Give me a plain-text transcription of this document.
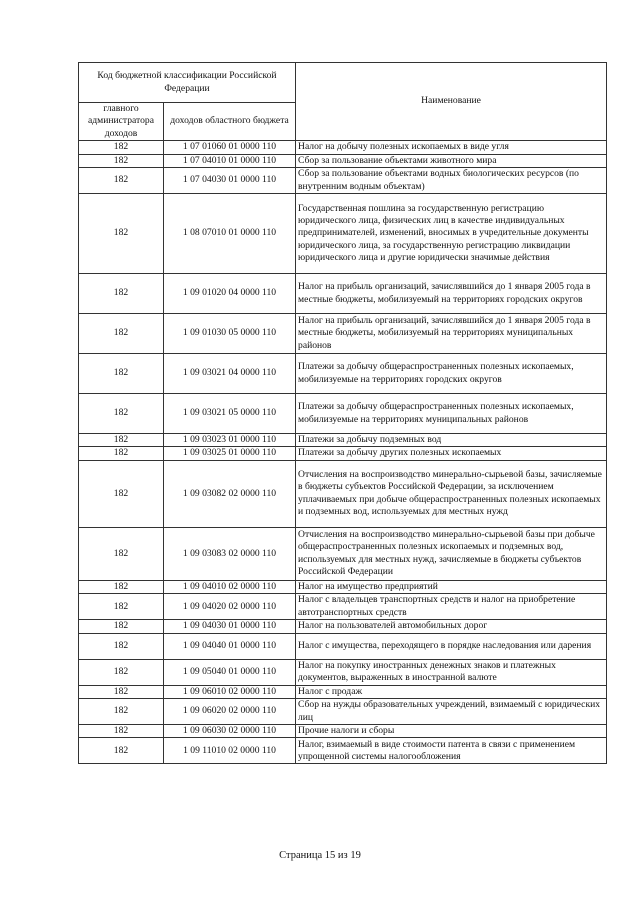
Код бюджетной классификации Российской Федерации		Наименование
главного администратора доходов	доходов областного бюджета	
182	1 07 01060 01 0000 110	Налог на добычу полезных ископаемых в виде угля
182	1 07 04010 01 0000 110	Сбор за пользование объектами животного мира
182	1 07 04030 01 0000 110	Сбор за пользование объектами водных биологических ресурсов (по внутренним водным объектам)
182	1 08 07010 01 0000 110	Государственная пошлина за государственную регистрацию юридического лица, физических лиц в качестве индивидуальных предпринимателей, изменений, вносимых в учредительные документы юридического лица, за государственную регистрацию ликвидации юридического лица и другие юридически значимые действия
182	1 09 01020 04 0000 110	Налог на прибыль организаций, зачислявшийся до 1 января 2005 года в местные бюджеты, мобилизуемый на территориях городских округов
182	1 09 01030 05 0000 110	Налог на прибыль организаций, зачислявшийся до 1 января 2005 года в местные бюджеты, мобилизуемый на территориях муниципальных районов
182	1 09 03021 04 0000 110	Платежи за добычу общераспространенных полезных ископаемых, мобилизуемые на территориях городских округов
182	1 09 03021 05 0000 110	Платежи за добычу общераспространенных полезных ископаемых, мобилизуемые на территориях муниципальных районов
182	1 09 03023 01 0000 110	Платежи за добычу подземных вод
182	1 09 03025 01 0000 110	Платежи за добычу других полезных ископаемых
182	1 09 03082 02 0000 110	Отчисления на воспроизводство минерально-сырьевой базы, зачисляемые в бюджеты субъектов Российской Федерации, за исключением уплачиваемых при добыче общераспространенных полезных ископаемых и подземных вод, используемых для местных нужд
182	1 09 03083 02 0000 110	Отчисления на воспроизводство минерально-сырьевой базы при добыче общераспространенных полезных ископаемых и подземных вод, используемых для местных нужд, зачисляемые в бюджеты субъектов Российской Федерации
182	1 09 04010 02 0000 110	Налог на имущество предприятий
182	1 09 04020 02 0000 110	Налог с владельцев транспортных средств и налог на приобретение автотранспортных средств
182	1 09 04030 01 0000 110	Налог на пользователей автомобильных дорог
182	1 09 04040 01 0000 110	Налог с имущества, переходящего в порядке наследования или дарения
182	1 09 05040 01 0000 110	Налог на покупку иностранных денежных знаков и платежных документов, выраженных в иностранной валюте
182	1 09 06010 02 0000 110	Налог с продаж
182	1 09 06020 02 0000 110	Сбор на нужды образовательных учреждений, взимаемый с юридических лиц
182	1 09 06030 02 0000 110	Прочие налоги и сборы
182	1 09 11010 02 0000 110	Налог, взимаемый в виде стоимости патента в связи с применением упрощенной системы налогообложения
Страница 15 из 19
